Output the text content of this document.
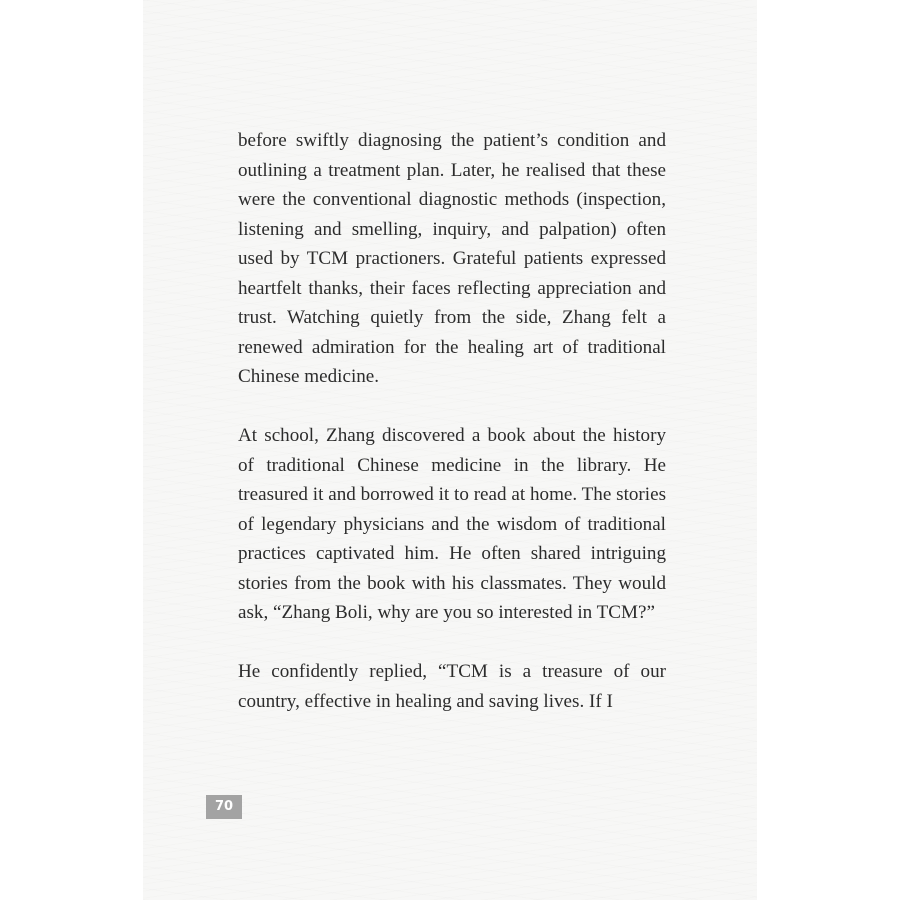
before swiftly diagnosing the patient’s condition and outlining a treatment plan. Later, he realised that these were the conventional diagnostic methods (inspection, listening and smelling, inquiry, and palpation) often used by TCM practioners. Grateful patients expressed heartfelt thanks, their faces reflecting appreciation and trust. Watching quietly from the side, Zhang felt a renewed admiration for the healing art of traditional Chinese medicine.

At school, Zhang discovered a book about the history of traditional Chinese medicine in the library. He treasured it and borrowed it to read at home. The stories of legendary physicians and the wisdom of traditional practices captivated him. He often shared intriguing stories from the book with his classmates. They would ask, “Zhang Boli, why are you so interested in TCM?”

He confidently replied, “TCM is a treasure of our country, effective in healing and saving lives. If I

70
